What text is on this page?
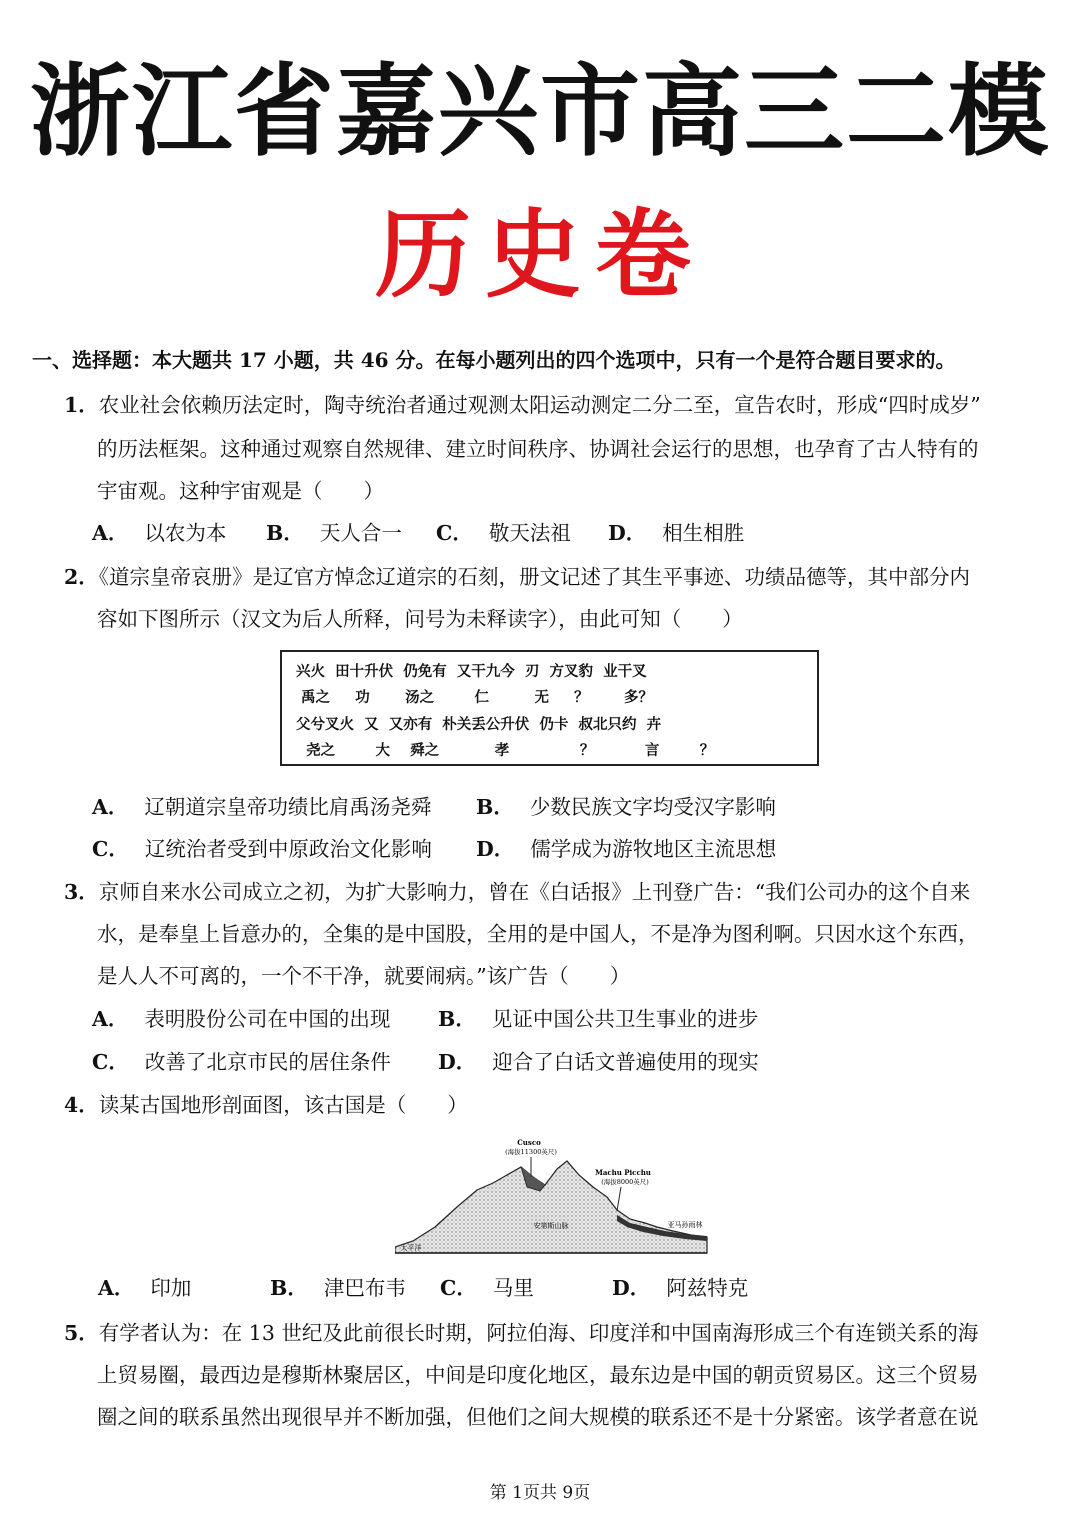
浙江省嘉兴市高三二模
历史卷
一、选择题：本大题共 17 小题，共 46 分。在每小题列出的四个选项中，只有一个是符合题目要求的。
1．农业社会依赖历法定时，陶寺统治者通过观测太阳运动测定二分二至，宣告农时，形成“四时成岁”
的历法框架。这种通过观察自然规律、建立时间秩序、协调社会运行的思想，也孕育了古人特有的
宇宙观。这种宇宙观是（　　）
A． 以农为本 B． 天人合一 C． 敬天法祖 D． 相生相胜
2．《道宗皇帝哀册》是辽官方悼念辽道宗的石刻，册文记述了其生平事迹、功绩品德等，其中部分内
容如下图所示（汉文为后人所释，问号为未释读字），由此可知（　　）
兴火  田十升伏  仍免有  又干九今  刃  方叉豹  业干叉
禹之     功       汤之        仁         无     ？       多？
父兮叉火  又  又亦有  朴关丢公升伏  仍卡  叔北只约  卉
尧之        大    舜之           孝              ？          言        ？
A． 辽朝道宗皇帝功绩比肩禹汤尧舜 B． 少数民族文字均受汉字影响
C． 辽统治者受到中原政治文化影响 D． 儒学成为游牧地区主流思想
3．京师自来水公司成立之初，为扩大影响力，曾在《白话报》上刊登广告：“我们公司办的这个自来
水，是奉皇上旨意办的，全集的是中国股，全用的是中国人，不是净为图利啊。只因水这个东西，
是人人不可离的，一个不干净，就要闹病。”该广告（　　）
A． 表明股份公司在中国的出现 B． 见证中国公共卫生事业的进步
C． 改善了北京市民的居住条件 D． 迎合了白话文普遍使用的现实
4．读某古国地形剖面图，该古国是（　　）
Cusco
(海拔11300英尺)
Machu Picchu
(海拔8000英尺)
安第斯山脉	亚马孙雨林
太平洋
A． 印加	B． 津巴布韦 C． 马里	D． 阿兹特克
5．有学者认为：在 13 世纪及此前很长时期，阿拉伯海、印度洋和中国南海形成三个有连锁关系的海
上贸易圈，最西边是穆斯林聚居区，中间是印度化地区，最东边是中国的朝贡贸易区。这三个贸易
圈之间的联系虽然出现很早并不断加强，但他们之间大规模的联系还不是十分紧密。该学者意在说
第 1页共 9页
